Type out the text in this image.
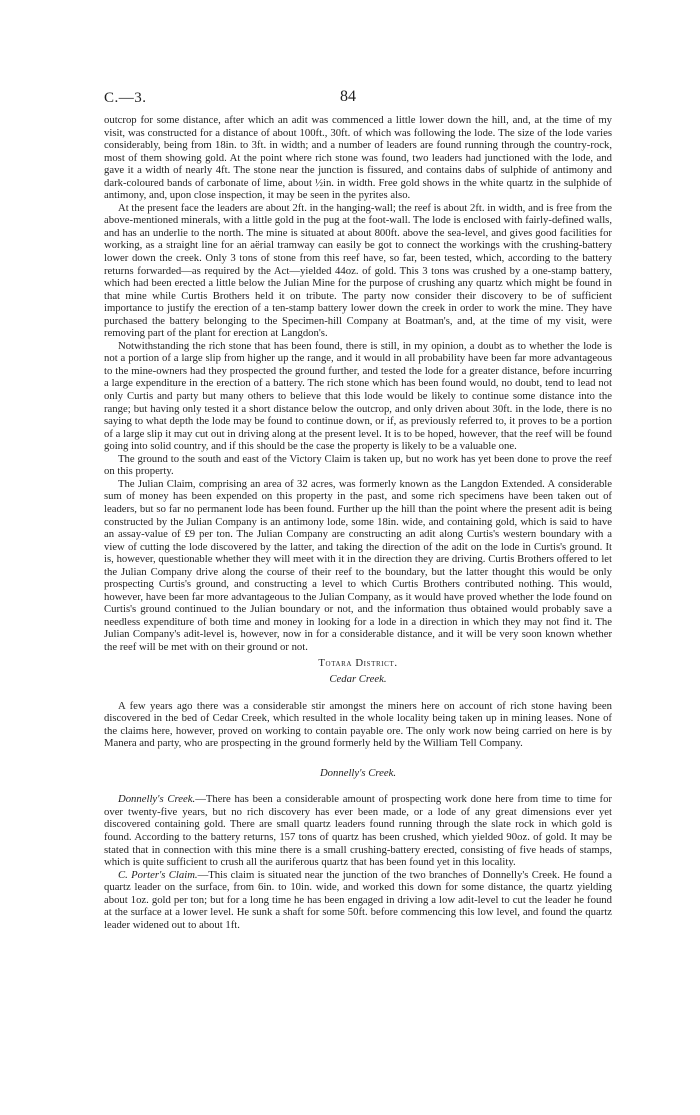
C.—3.	84

outcrop for some distance, after which an adit was commenced a little lower down the hill, and, at the time of my visit, was constructed for a distance of about 100ft., 30ft. of which was following the lode. The size of the lode varies considerably, being from 18in. to 3ft. in width; and a number of leaders are found running through the country-rock, most of them showing gold. At the point where rich stone was found, two leaders had junctioned with the lode, and gave it a width of nearly 4ft. The stone near the junction is fissured, and contains dabs of sulphide of antimony and dark-coloured bands of carbonate of lime, about ½in. in width. Free gold shows in the white quartz in the sulphide of antimony, and, upon close inspection, it may be seen in the pyrites also.

At the present face the leaders are about 2ft. in the hanging-wall; the reef is about 2ft. in width, and is free from the above-mentioned minerals, with a little gold in the pug at the foot-wall. The lode is enclosed with fairly-defined walls, and has an underlie to the north. The mine is situated at about 800ft. above the sea-level, and gives good facilities for working, as a straight line for an aërial tramway can easily be got to connect the workings with the crushing-battery lower down the creek. Only 3 tons of stone from this reef have, so far, been tested, which, according to the battery returns forwarded—as required by the Act—yielded 44oz. of gold. This 3 tons was crushed by a one-stamp battery, which had been erected a little below the Julian Mine for the purpose of crushing any quartz which might be found in that mine while Curtis Brothers held it on tribute. The party now consider their discovery to be of sufficient importance to justify the erection of a ten-stamp battery lower down the creek in order to work the mine. They have purchased the battery belonging to the Specimen-hill Company at Boatman's, and, at the time of my visit, were removing part of the plant for erection at Langdon's.

Notwithstanding the rich stone that has been found, there is still, in my opinion, a doubt as to whether the lode is not a portion of a large slip from higher up the range, and it would in all probability have been far more advantageous to the mine-owners had they prospected the ground further, and tested the lode for a greater distance, before incurring a large expenditure in the erection of a battery. The rich stone which has been found would, no doubt, tend to lead not only Curtis and party but many others to believe that this lode would be likely to continue some distance into the range; but having only tested it a short distance below the outcrop, and only driven about 30ft. in the lode, there is no saying to what depth the lode may be found to continue down, or if, as previously referred to, it proves to be a portion of a large slip it may cut out in driving along at the present level. It is to be hoped, however, that the reef will be found going into solid country, and if this should be the case the property is likely to be a valuable one.

The ground to the south and east of the Victory Claim is taken up, but no work has yet been done to prove the reef on this property.

The Julian Claim, comprising an area of 32 acres, was formerly known as the Langdon Extended. A considerable sum of money has been expended on this property in the past, and some rich specimens have been taken out of leaders, but so far no permanent lode has been found. Further up the hill than the point where the present adit is being constructed by the Julian Company is an antimony lode, some 18in. wide, and containing gold, which is said to have an assay-value of £9 per ton. The Julian Company are constructing an adit along Curtis's western boundary with a view of cutting the lode discovered by the latter, and taking the direction of the adit on the lode in Curtis's ground. It is, however, questionable whether they will meet with it in the direction they are driving. Curtis Brothers offered to let the Julian Company drive along the course of their reef to the boundary, but the latter thought this would be only prospecting Curtis's ground, and constructing a level to which Curtis Brothers contributed nothing. This would, however, have been far more advantageous to the Julian Company, as it would have proved whether the lode found on Curtis's ground continued to the Julian boundary or not, and the information thus obtained would probably save a needless expenditure of both time and money in looking for a lode in a direction in which they may not find it. The Julian Company's adit-level is, however, now in for a considerable distance, and it will be very soon known whether the reef will be met with on their ground or not.

Totara District.
Cedar Creek.

A few years ago there was a considerable stir amongst the miners here on account of rich stone having been discovered in the bed of Cedar Creek, which resulted in the whole locality being taken up in mining leases. None of the claims here, however, proved on working to contain payable ore. The only work now being carried on here is by Manera and party, who are prospecting in the ground formerly held by the William Tell Company.

Donnelly's Creek.

Donnelly's Creek.—There has been a considerable amount of prospecting work done here from time to time for over twenty-five years, but no rich discovery has ever been made, or a lode of any great dimensions ever yet discovered containing gold. There are small quartz leaders found running through the slate rock in which gold is found. According to the battery returns, 157 tons of quartz has been crushed, which yielded 90oz. of gold. It may be stated that in connection with this mine there is a small crushing-battery erected, consisting of five heads of stamps, which is quite sufficient to crush all the auriferous quartz that has been found yet in this locality.

C. Porter's Claim.—This claim is situated near the junction of the two branches of Donnelly's Creek. He found a quartz leader on the surface, from 6in. to 10in. wide, and worked this down for some distance, the quartz yielding about 1oz. gold per ton; but for a long time he has been engaged in driving a low adit-level to cut the leader he found at the surface at a lower level. He sunk a shaft for some 50ft. before commencing this low level, and found the quartz leader widened out to about 1ft.
